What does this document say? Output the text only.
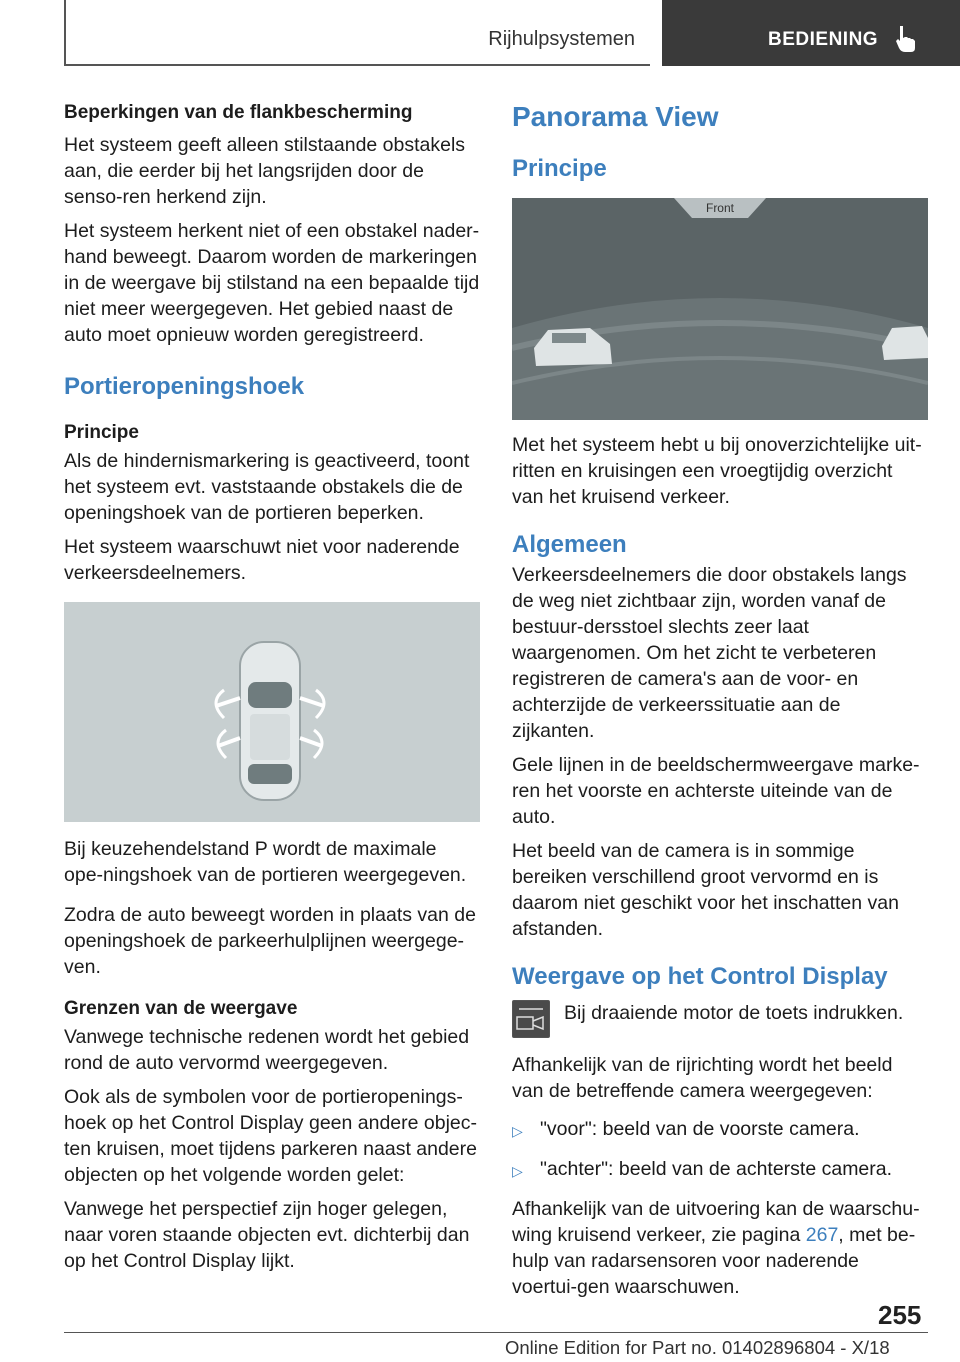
Rijhulpsystemen	BEDIENING
Beperkingen van de flankbescherming
Het systeem geeft alleen stilstaande obstakels aan, die eerder bij het langsrijden door de senso-ren herkend zijn.
Het systeem herkent niet of een obstakel nader-hand beweegt. Daarom worden de markeringen in de weergave bij stilstand na een bepaalde tijd niet meer weergegeven. Het gebied naast de auto moet opnieuw worden geregistreerd.
Portieropeningshoek
Principe
Als de hindernismarkering is geactiveerd, toont het systeem evt. vaststaande obstakels die de openingshoek van de portieren beperken.
Het systeem waarschuwt niet voor naderende verkeersdeelnemers.
Bij keuzehendelstand P wordt de maximale ope-ningshoek van de portieren weergegeven.
Zodra de auto beweegt worden in plaats van de openingshoek de parkeerhulplijnen weergege-ven.
Grenzen van de weergave
Vanwege technische redenen wordt het gebied rond de auto vervormd weergegeven.
Ook als de symbolen voor de portieropenings-hoek op het Control Display geen andere objec-ten kruisen, moet tijdens parkeren naast andere objecten op het volgende worden gelet:
Vanwege het perspectief zijn hoger gelegen, naar voren staande objecten evt. dichterbij dan op het Control Display lijkt.
Panorama View
Principe
Front
Met het systeem hebt u bij onoverzichtelijke uit-ritten en kruisingen een vroegtijdig overzicht van het kruisend verkeer.
Algemeen
Verkeersdeelnemers die door obstakels langs de weg niet zichtbaar zijn, worden vanaf de bestuur-dersstoel slechts zeer laat waargenomen. Om het zicht te verbeteren registreren de camera's aan de voor- en achterzijde de verkeerssituatie aan de zijkanten.
Gele lijnen in de beeldschermweergave marke-ren het voorste en achterste uiteinde van de auto.
Het beeld van de camera is in sommige bereiken verschillend groot vervormd en is daarom niet geschikt voor het inschatten van afstanden.
Weergave op het Control Display
Bij draaiende motor de toets indrukken.
Afhankelijk van de rijrichting wordt het beeld van de betreffende camera weergegeven:
▷ "voor": beeld van de voorste camera.
▷ "achter": beeld van de achterste camera.
Afhankelijk van de uitvoering kan de waarschu-wing kruisend verkeer, zie pagina 267, met be-hulp van radarsensoren voor naderende voertui-gen waarschuwen.
255
Online Edition for Part no. 01402896804 - X/18
